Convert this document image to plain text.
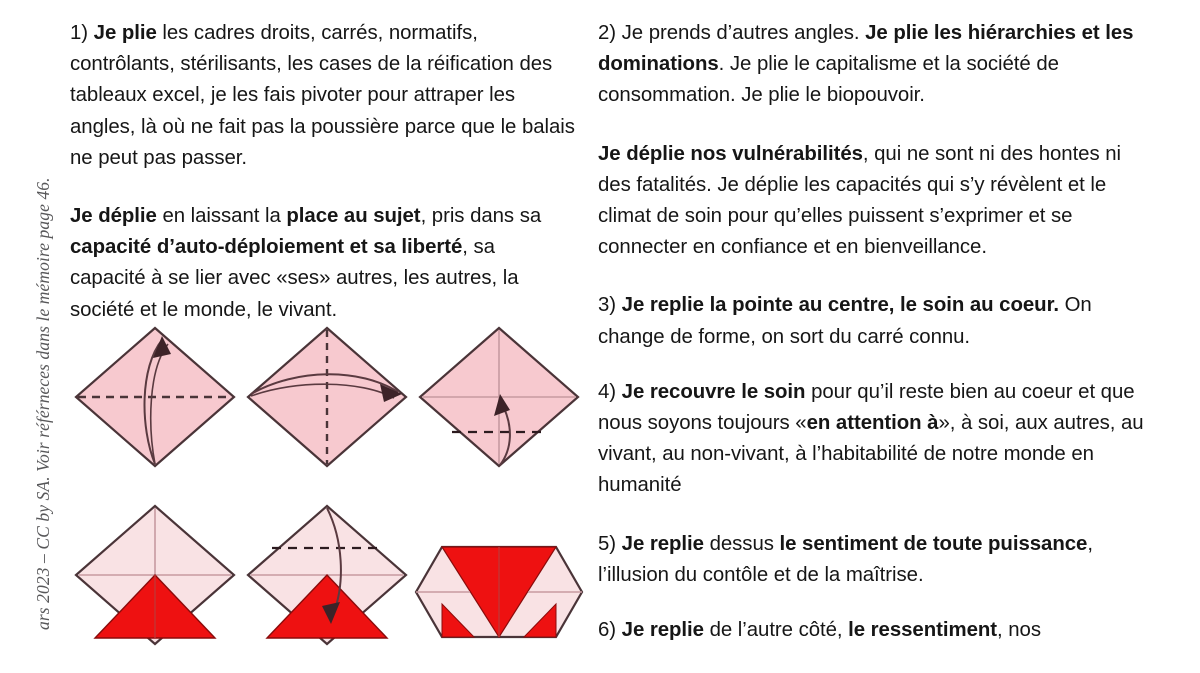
ars 2023 – CC by SA. Voir référneces dans le mémoire page 46.

1) Je plie les cadres droits, carrés, normatifs, contrôlants, stérilisants, les cases de la réification des tableaux excel, je les fais pivoter pour attraper les angles, là où ne fait pas la poussière parce que le balais ne peut pas passer.

Je déplie en laissant la place au sujet, pris dans sa capacité d’auto-déploiement et sa liberté, sa capacité à se lier avec «ses» autres, les autres, la société et le monde, le vivant.

2) Je prends d’autres angles. Je plie les hiérarchies et les dominations. Je plie le capitalisme et la société de consommation. Je plie le biopouvoir.

Je déplie nos vulnérabilités, qui ne sont ni des hontes ni des fatalités. Je déplie les capacités qui s’y révèlent et le climat de soin pour qu’elles puissent s’exprimer et se connecter en confiance et en bienveillance.

3) Je replie la pointe au centre, le soin au coeur. On change de forme, on sort du carré connu.

4) Je recouvre le soin pour qu’il reste bien au coeur et que nous soyons toujours «en attention à», à soi, aux autres, au vivant, au non-vivant, à l’habitabilité de notre monde en humanité

5) Je replie dessus le sentiment de toute puissance, l’illusion du contôle et de la maîtrise.

6) Je replie de l’autre côté, le ressentiment, nos
